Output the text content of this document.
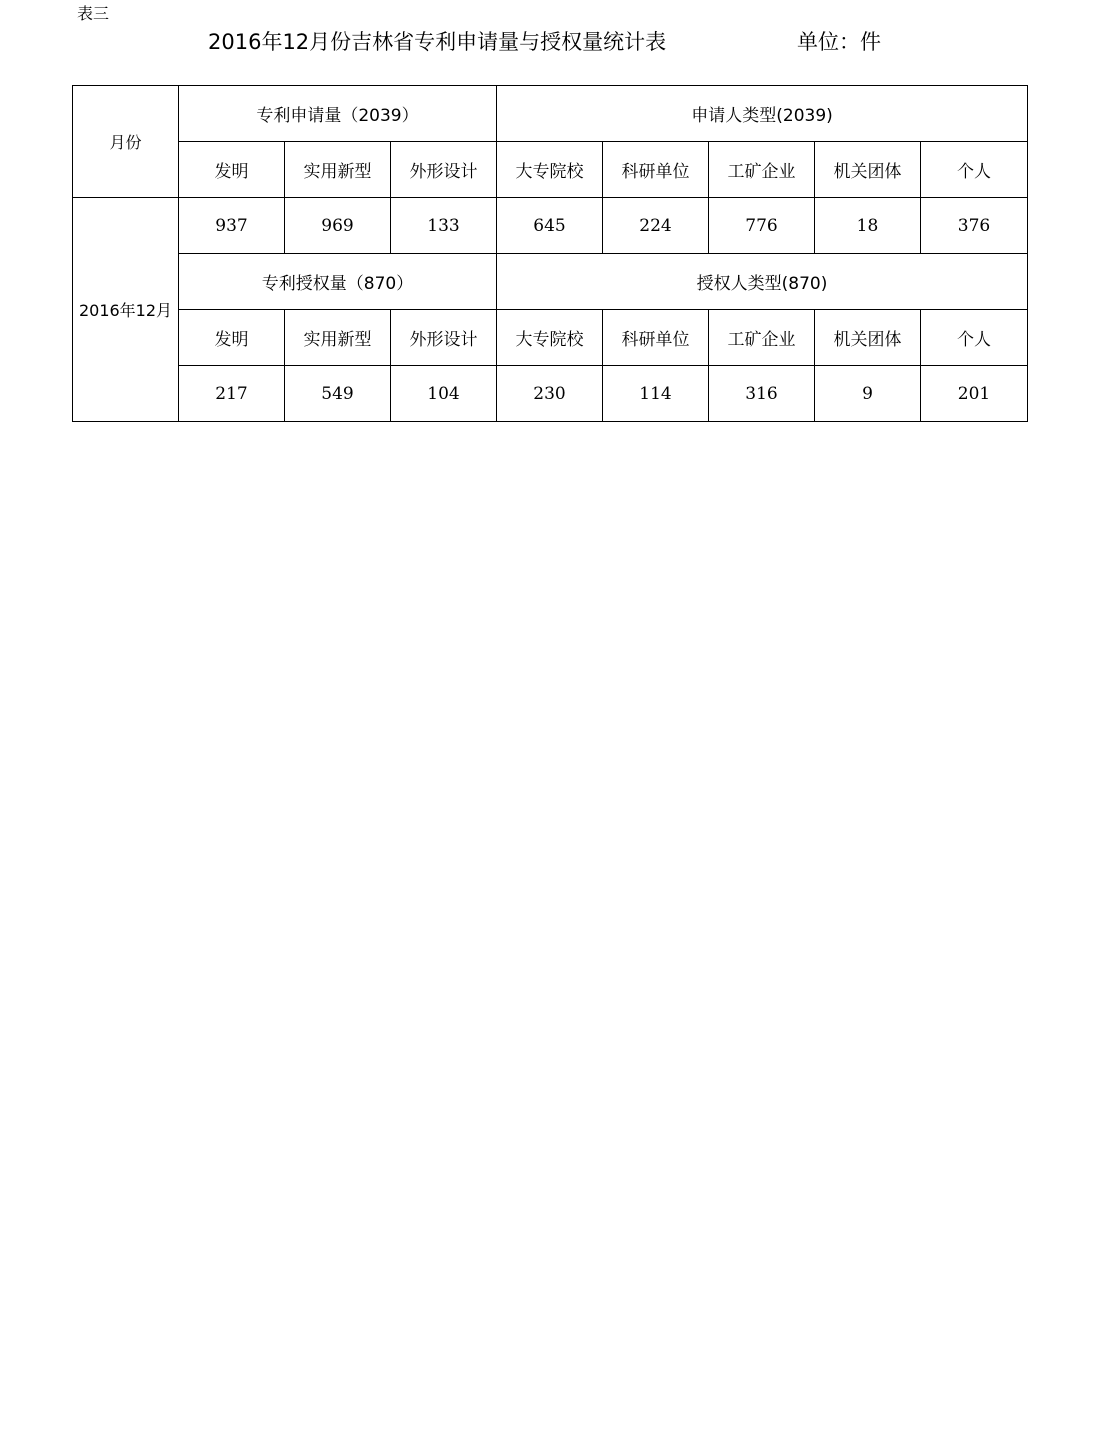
表三
2016年12月份吉林省专利申请量与授权量统计表	单位：件
月份	专利申请量（2039）			申请人类型(2039)				
	发明	实用新型	外形设计	大专院校	科研单位	工矿企业	机关团体	个人
2016年12月	937	969	133	645	224	776	18	376
	专利授权量（870）			授权人类型(870)				
	发明	实用新型	外形设计	大专院校	科研单位	工矿企业	机关团体	个人
	217	549	104	230	114	316	9	201
